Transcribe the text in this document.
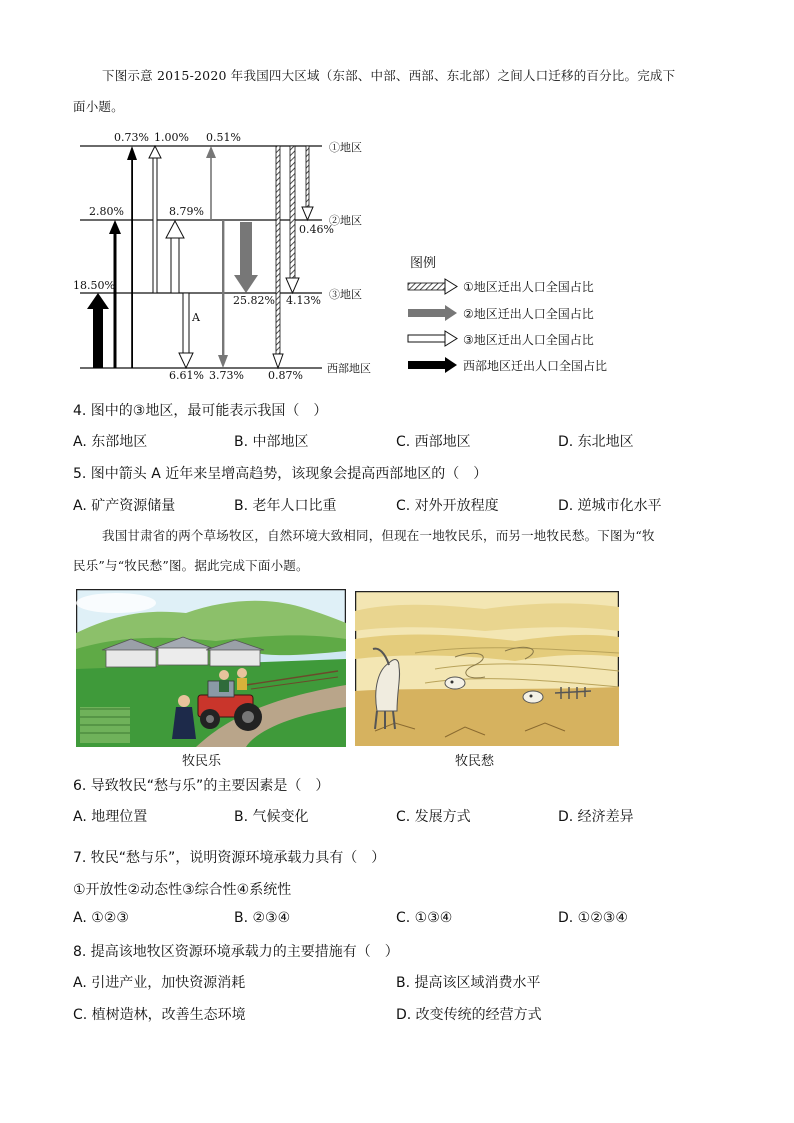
下图示意 2015-2020 年我国四大区域（东部、中部、西部、东北部）之间人口迁移的百分比。完成下
面小题。
0.73% 1.00% 0.51%
①地区
2.80%	8.79%
②地区
0.46%
18.50%
③地区
25.82% 4.13%
A
西部地区
6.61% 3.73% 0.87%
图例
①地区迁出人口全国占比
②地区迁出人口全国占比
③地区迁出人口全国占比
西部地区迁出人口全国占比
4. 图中的③地区，最可能表示我国（　）
A. 东部地区	B. 中部地区	C. 西部地区	D. 东北地区
5. 图中箭头 A 近年来呈增高趋势，该现象会提高西部地区的（　）
A. 矿产资源储量	B. 老年人口比重	C. 对外开放程度	D. 逆城市化水平
我国甘肃省的两个草场牧区，自然环境大致相同，但现在一地牧民乐，而另一地牧民愁。下图为“牧
民乐”与“牧民愁”图。据此完成下面小题。
牧民乐	牧民愁
6. 导致牧民“愁与乐”的主要因素是（　）
A. 地理位置	B. 气候变化	C. 发展方式	D. 经济差异
7. 牧民“愁与乐”，说明资源环境承载力具有（　）
①开放性②动态性③综合性④系统性
A. ①②③	B. ②③④	C. ①③④	D. ①②③④
8. 提高该地牧区资源环境承载力的主要措施有（　）
A. 引进产业，加快资源消耗	B. 提高该区域消费水平
C. 植树造林，改善生态环境	D. 改变传统的经营方式
